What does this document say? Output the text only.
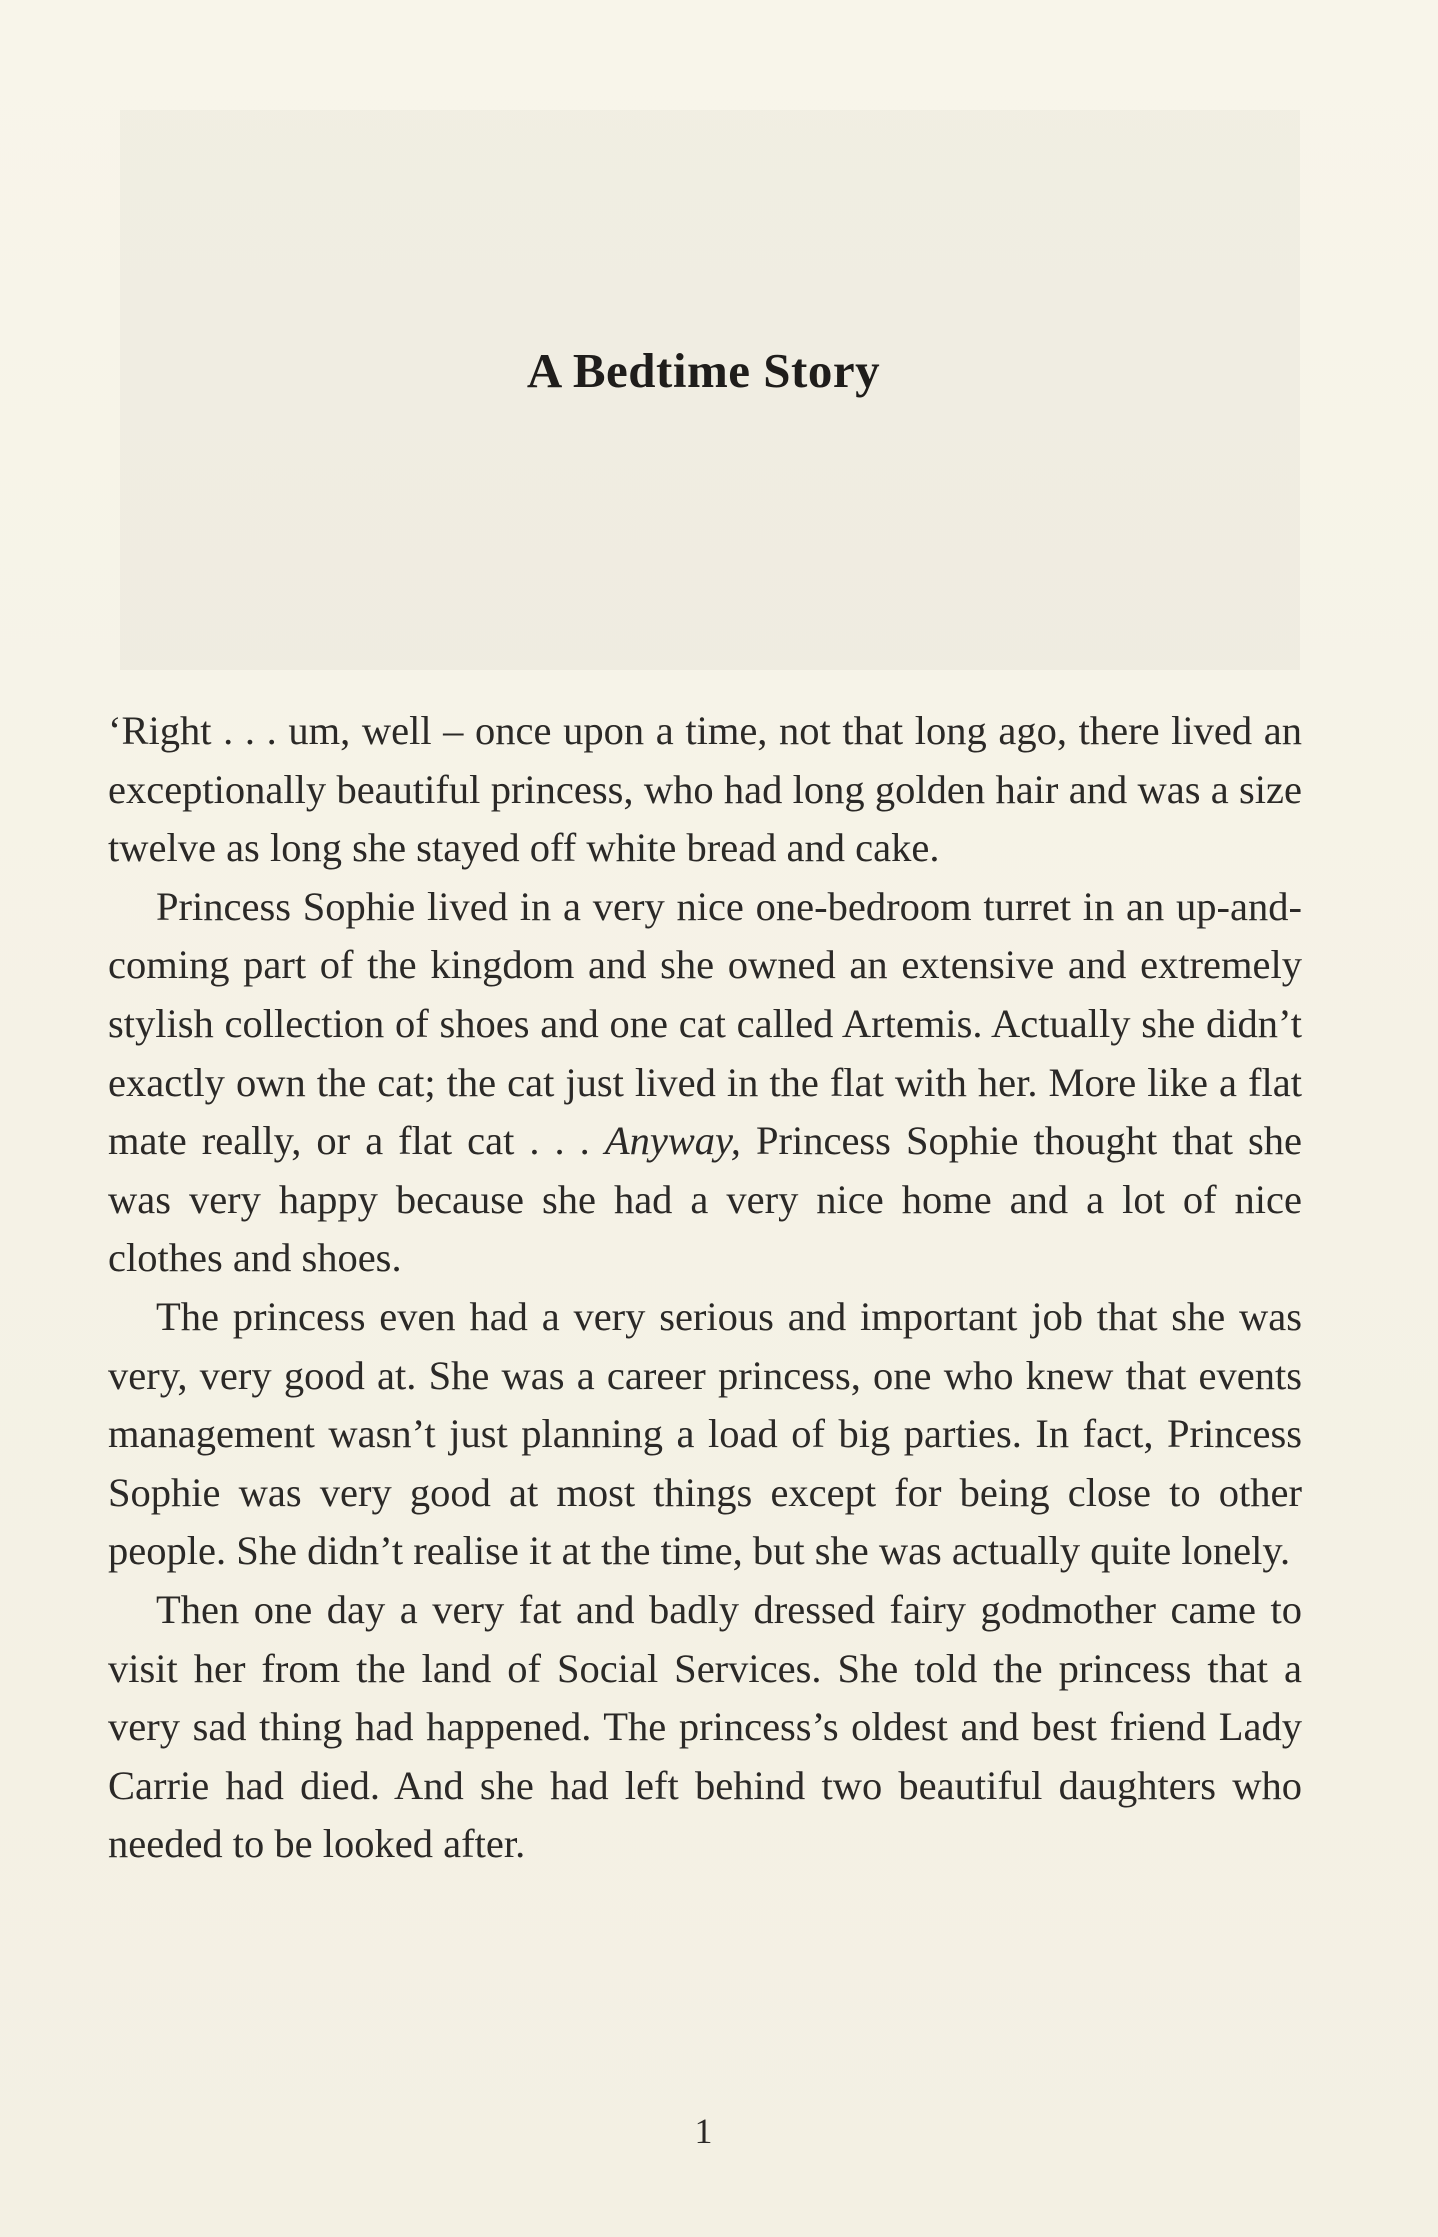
A Bedtime Story

‘Right . . . um, well – once upon a time, not that long ago, there lived an exceptionally beautiful princess, who had long golden hair and was a size twelve as long she stayed off white bread and cake.

Princess Sophie lived in a very nice one-bedroom turret in an up-and-coming part of the kingdom and she owned an extensive and extremely stylish collection of shoes and one cat called Artemis. Actually she didn’t exactly own the cat; the cat just lived in the flat with her. More like a flat mate really, or a flat cat . . . Anyway, Princess Sophie thought that she was very happy because she had a very nice home and a lot of nice clothes and shoes.

The princess even had a very serious and important job that she was very, very good at. She was a career princess, one who knew that events management wasn’t just planning a load of big parties. In fact, Princess Sophie was very good at most things except for being close to other people. She didn’t realise it at the time, but she was actually quite lonely.

Then one day a very fat and badly dressed fairy godmother came to visit her from the land of Social Services. She told the princess that a very sad thing had happened. The princess’s oldest and best friend Lady Carrie had died. And she had left behind two beautiful daughters who needed to be looked after.

1
